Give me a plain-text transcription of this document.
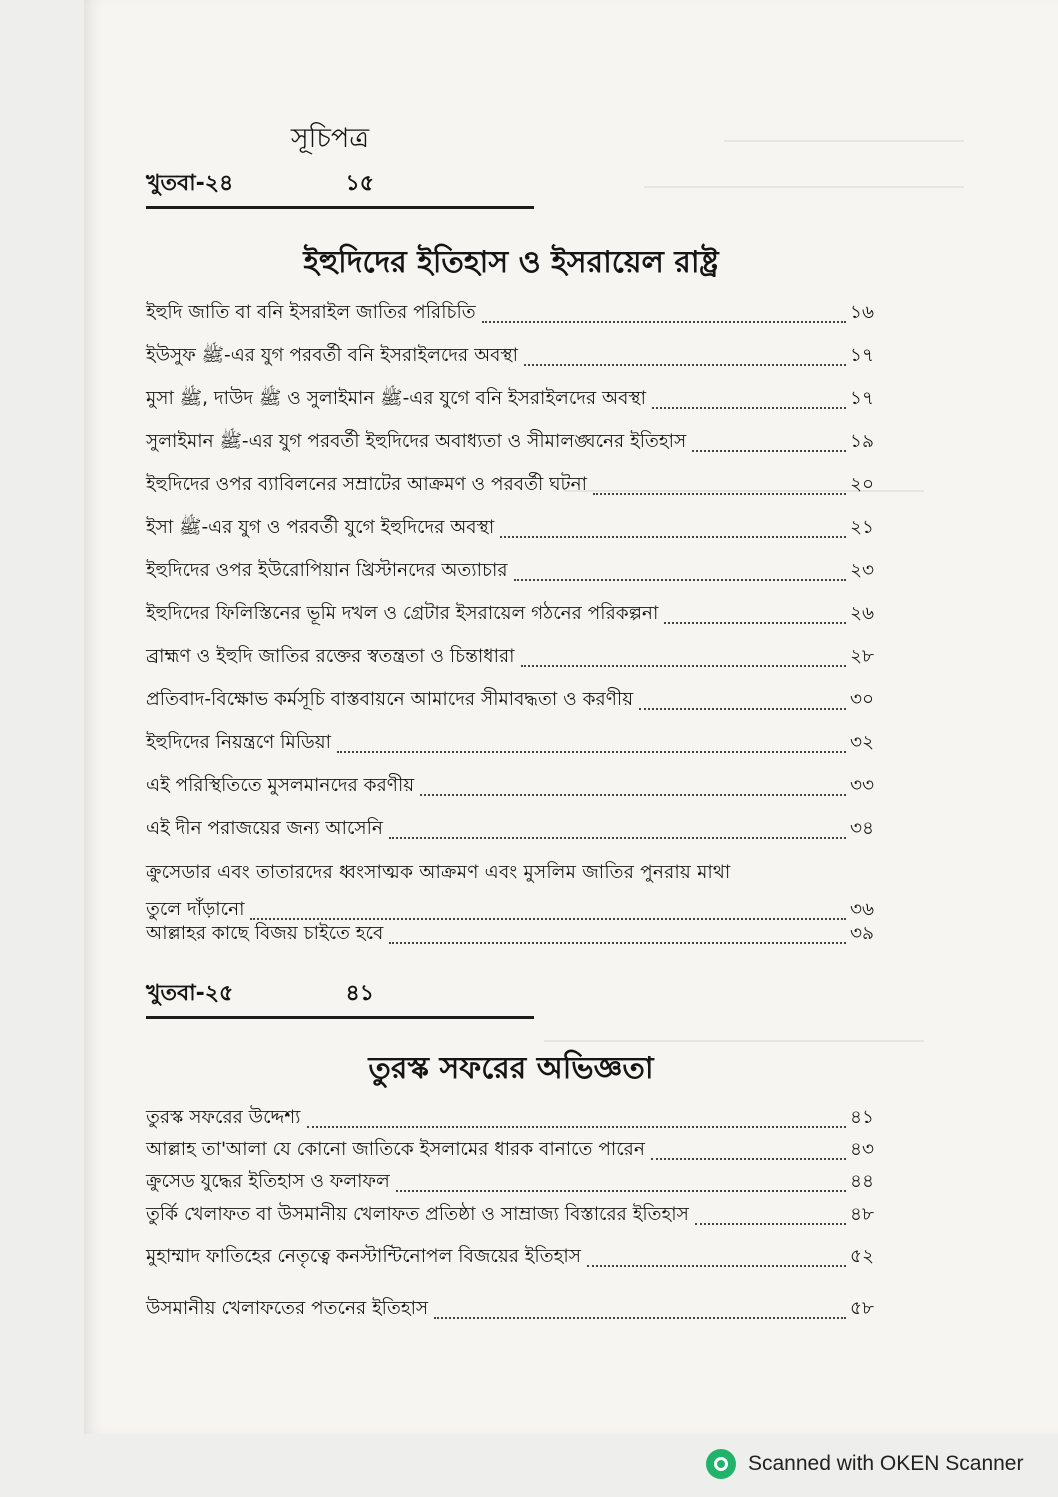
সূচিপত্র
খুতবা-২৪	১৫
ইহুদিদের ইতিহাস ও ইসরায়েল রাষ্ট্র
ইহুদি জাতি বা বনি ইসরাইল জাতির পরিচিতি	১৬
ইউসুফ ﷺ-এর যুগ পরবর্তী বনি ইসরাইলদের অবস্থা	১৭
মুসা ﷺ, দাউদ ﷺ ও সুলাইমান ﷺ-এর যুগে বনি ইসরাইলদের অবস্থা	১৭
সুলাইমান ﷺ-এর যুগ পরবর্তী ইহুদিদের অবাধ্যতা ও সীমালঙ্ঘনের ইতিহাস	১৯
ইহুদিদের ওপর ব্যাবিলনের সম্রাটের আক্রমণ ও পরবর্তী ঘটনা	২০
ইসা ﷺ-এর যুগ ও পরবর্তী যুগে ইহুদিদের অবস্থা	২১
ইহুদিদের ওপর ইউরোপিয়ান খ্রিস্টানদের অত্যাচার	২৩
ইহুদিদের ফিলিস্তিনের ভূমি দখল ও গ্রেটার ইসরায়েল গঠনের পরিকল্পনা	২৬
ব্রাহ্মণ ও ইহুদি জাতির রক্তের স্বতন্ত্রতা ও চিন্তাধারা	২৮
প্রতিবাদ-বিক্ষোভ কর্মসূচি বাস্তবায়নে আমাদের সীমাবদ্ধতা ও করণীয়	৩০
ইহুদিদের নিয়ন্ত্রণে মিডিয়া	৩২
এই পরিস্থিতিতে মুসলমানদের করণীয়	৩৩
এই দীন পরাজয়ের জন্য আসেনি	৩৪
ক্রুসেডার এবং তাতারদের ধ্বংসাত্মক আক্রমণ এবং মুসলিম জাতির পুনরায় মাথা
তুলে দাঁড়ানো	৩৬
আল্লাহর কাছে বিজয় চাইতে হবে	৩৯
খুতবা-২৫	৪১
তুরস্ক সফরের অভিজ্ঞতা
তুরস্ক সফরের উদ্দেশ্য	৪১
আল্লাহ তা'আলা যে কোনো জাতিকে ইসলামের ধারক বানাতে পারেন	৪৩
ক্রুসেড যুদ্ধের ইতিহাস ও ফলাফল	৪৪
তুর্কি খেলাফত বা উসমানীয় খেলাফত প্রতিষ্ঠা ও সাম্রাজ্য বিস্তারের ইতিহাস	৪৮
মুহাম্মাদ ফাতিহের নেতৃত্বে কনস্টান্টিনোপল বিজয়ের ইতিহাস	৫২
উসমানীয় খেলাফতের পতনের ইতিহাস	৫৮
Scanned with OKEN Scanner
